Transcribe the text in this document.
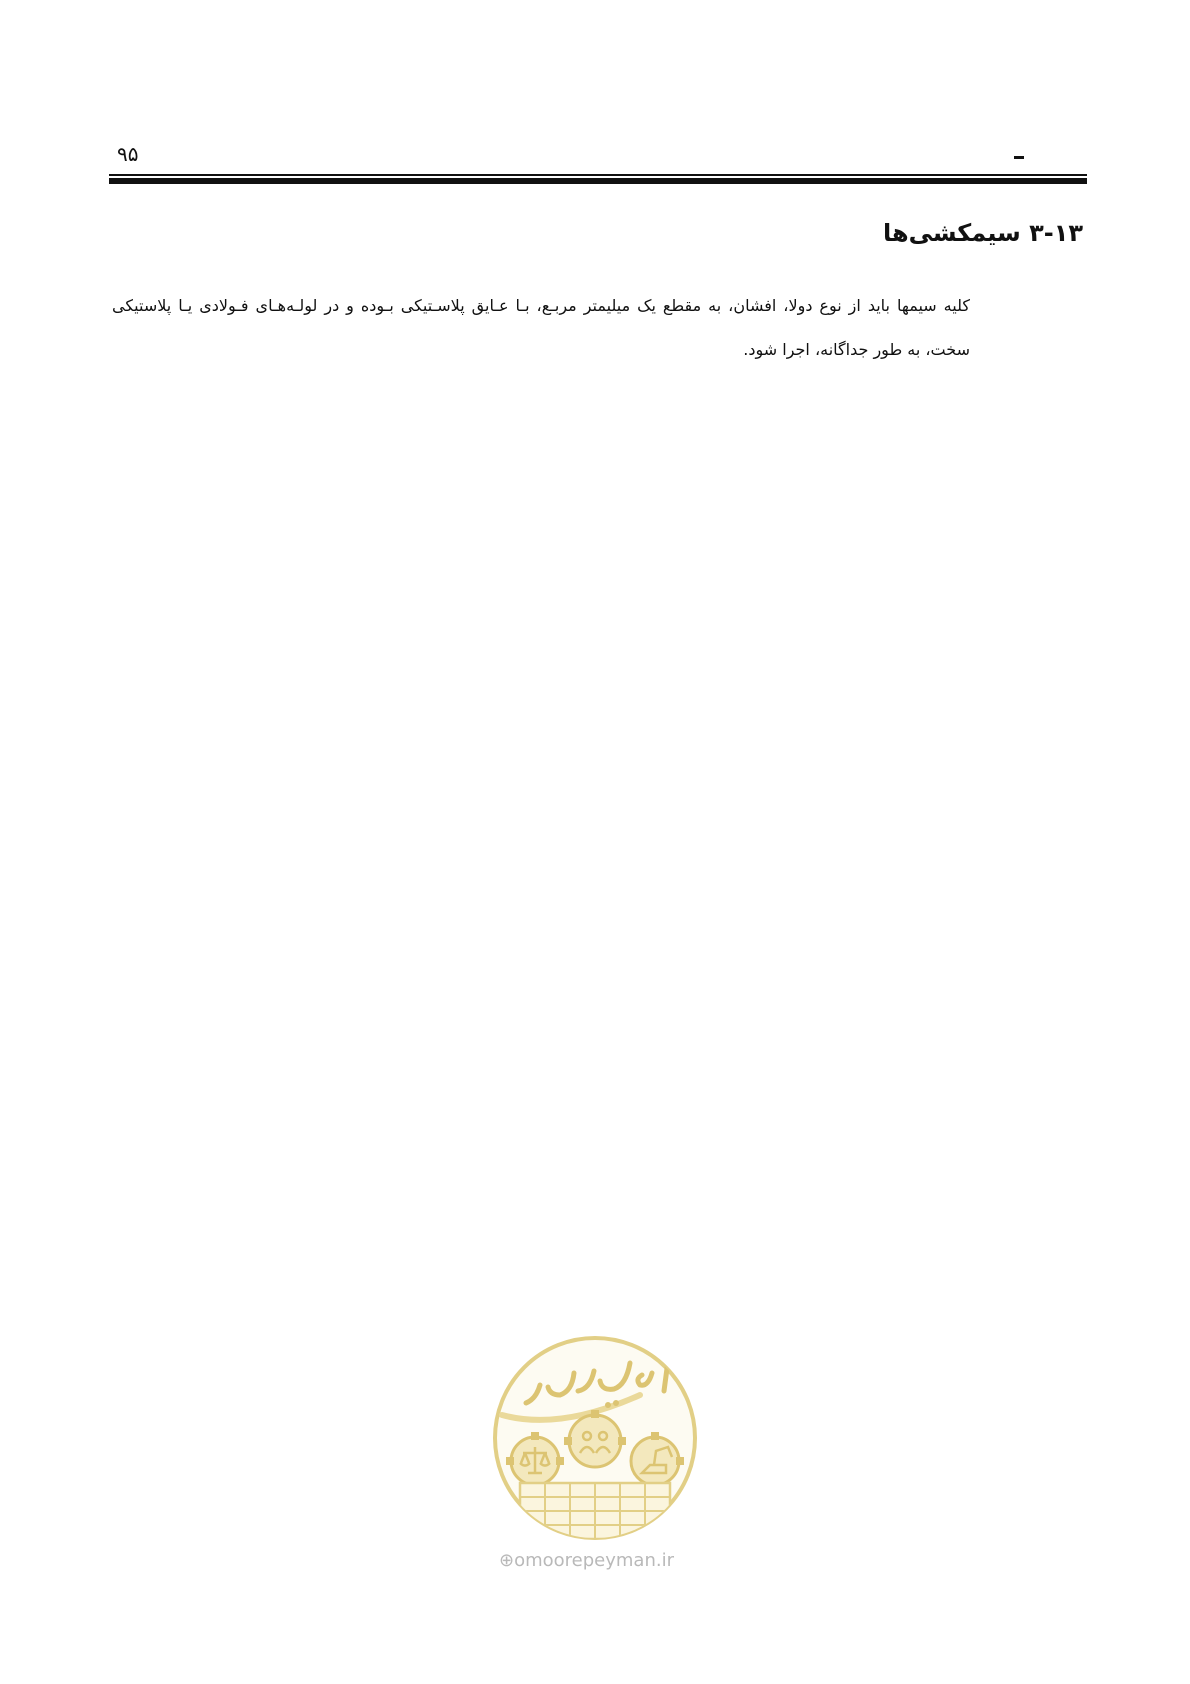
۹۵
۳-۱۳ سیمکشی‌ها

کلیه سیمها باید از نوع دولا، افشان، به مقطع یک میلیمتر مربـع، بـا عـایق پلاسـتیکی بـوده و در لولـه‌هـای فـولادی یـا پلاستیکی سخت، به طور جداگانه، اجرا شود.

⊕omoorepeyman.ir
